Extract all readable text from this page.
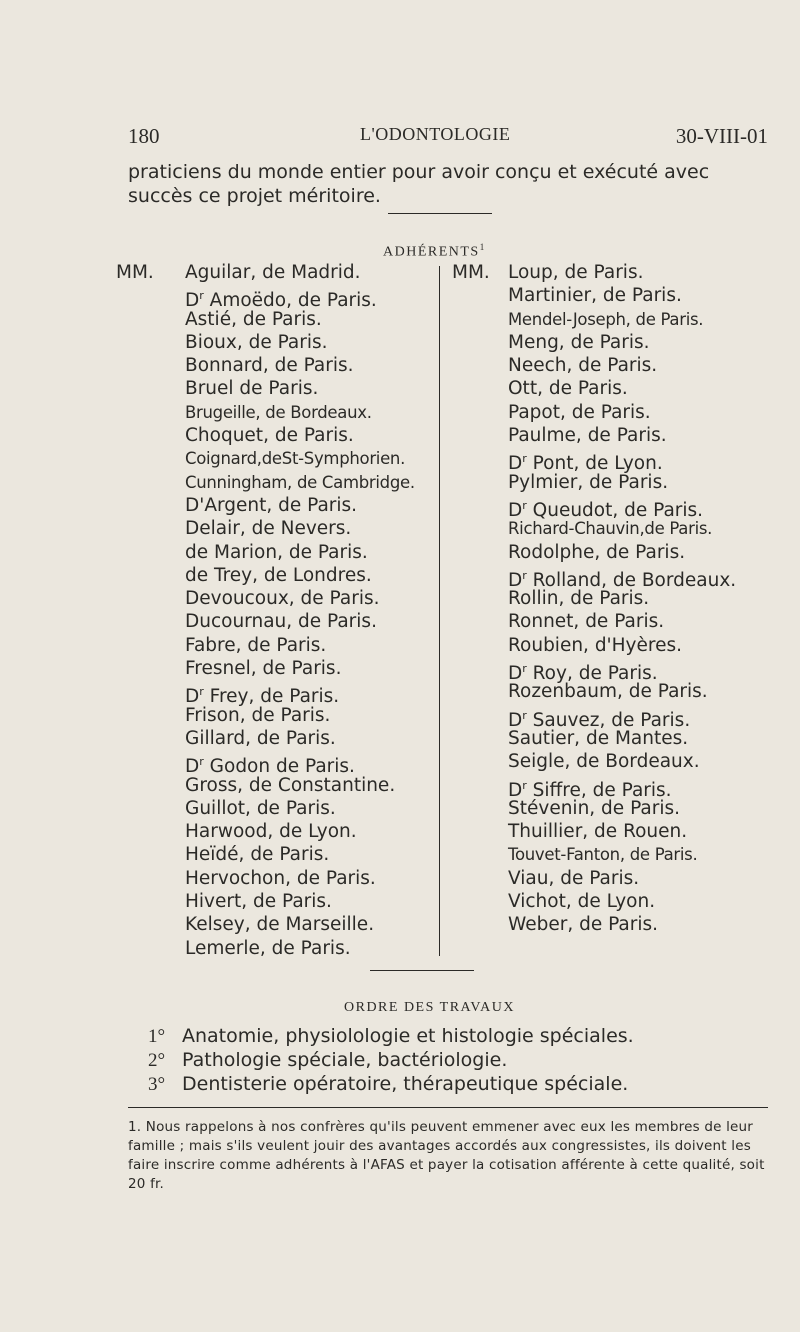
180	L'ODONTOLOGIE	30-VIII-01
praticiens du monde entier pour avoir conçu et exécuté avec succès ce projet méritoire.
ADHÉRENTS$^1$
MM. Aguilar, de Madrid.
$D^r$ Amoëdo, de Paris.
Astié, de Paris.
Bioux, de Paris.
Bonnard, de Paris.
Bruel de Paris.
Brugeille, de Bordeaux.
Choquet, de Paris.
Coignard,deSt-Symphorien.
Cunningham, de Cambridge.
D'Argent, de Paris.
Delair, de Nevers.
de Marion, de Paris.
de Trey, de Londres.
Devoucoux, de Paris.
Ducournau, de Paris.
Fabre, de Paris.
Fresnel, de Paris.
$D^r$ Frey, de Paris.
Frison, de Paris.
Gillard, de Paris.
$D^r$ Godon de Paris.
Gross, de Constantine.
Guillot, de Paris.
Harwood, de Lyon.
Heïdé, de Paris.
Hervochon, de Paris.
Hivert, de Paris.
Kelsey, de Marseille.
Lemerle, de Paris.
MM. Loup, de Paris.
Martinier, de Paris.
Mendel-Joseph, de Paris.
Meng, de Paris.
Neech, de Paris.
Ott, de Paris.
Papot, de Paris.
Paulme, de Paris.
$D^r$ Pont, de Lyon.
Pylmier, de Paris.
$D^r$ Queudot, de Paris.
Richard-Chauvin,de Paris.
Rodolphe, de Paris.
$D^r$ Rolland, de Bordeaux.
Rollin, de Paris.
Ronnet, de Paris.
Roubien, d'Hyères.
$D^r$ Roy, de Paris.
Rozenbaum, de Paris.
$D^r$ Sauvez, de Paris.
Sautier, de Mantes.
Seigle, de Bordeaux.
$D^r$ Siffre, de Paris.
Stévenin, de Paris.
Thuillier, de Rouen.
Touvet-Fanton, de Paris.
Viau, de Paris.
Vichot, de Lyon.
Weber, de Paris.
ORDRE DES TRAVAUX
1° Anatomie, physiolologie et histologie spéciales.
2° Pathologie spéciale, bactériologie.
3° Dentisterie opératoire, thérapeutique spéciale.
1. Nous rappelons à nos confrères qu'ils peuvent emmener avec eux les membres de leur famille ; mais s'ils veulent jouir des avantages accordés aux congressistes, ils doivent les faire inscrire comme adhérents à l'AFAS et payer la cotisation afférente à cette qualité, soit 20 fr.
